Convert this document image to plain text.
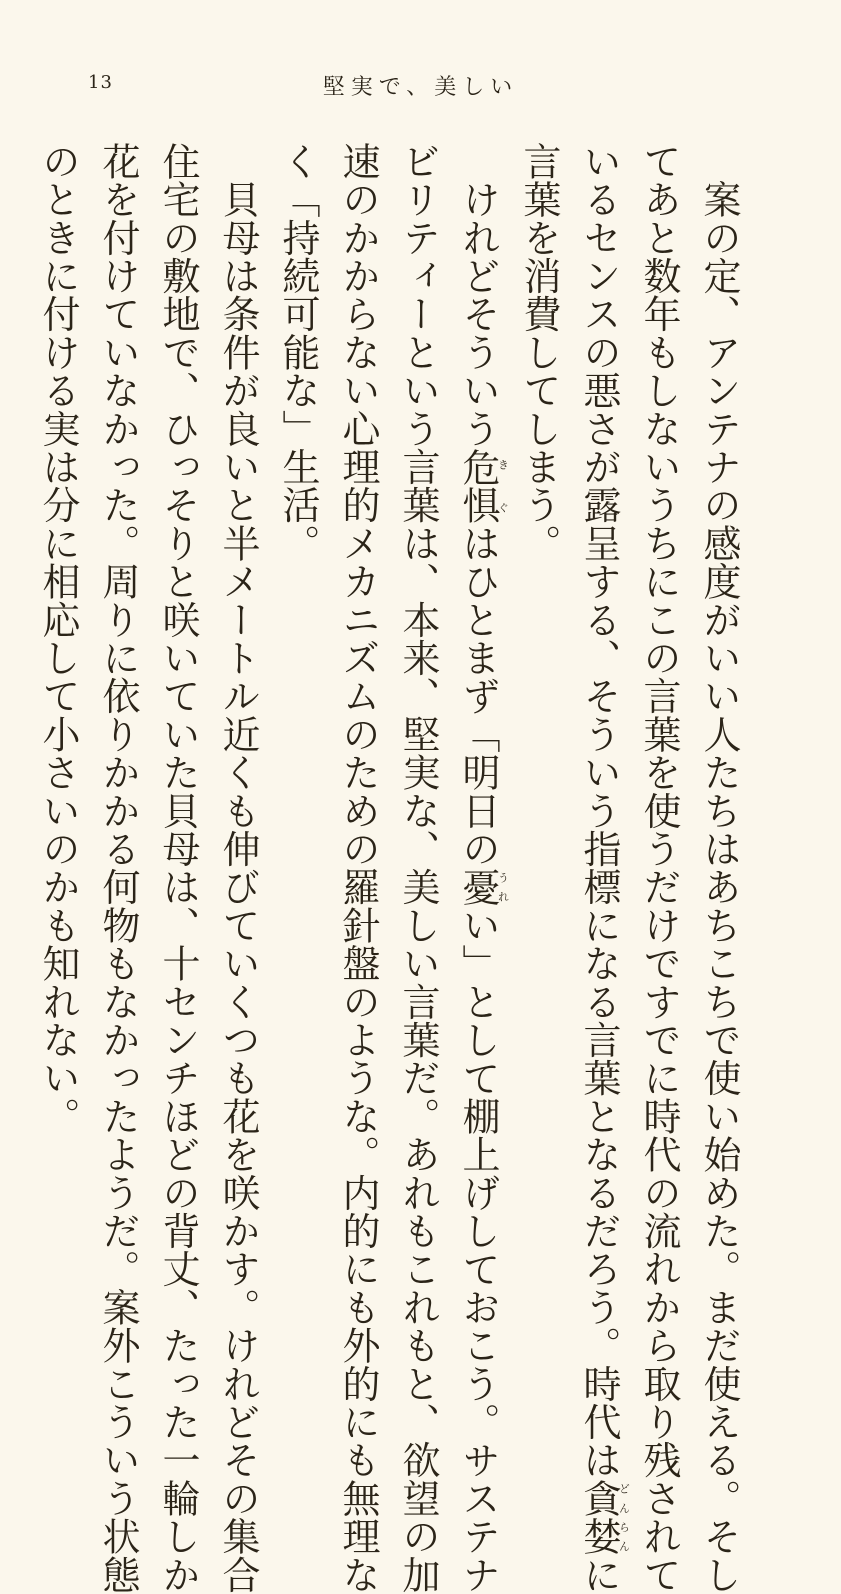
13	堅実で、美しい

　案の定、アンテナの感度がいい人たちはあちこちで使い始めた。まだ使える。そし
てあと数年もしないうちにこの言葉を使うだけですでに時代の流れから取り残されて
いるセンスの悪さが露呈する、そういう指標になる言葉となるだろう。時代は貪婪どんらんに
言葉を消費してしまう。

　けれどそういう危惧きぐはひとまず「明日の憂うれい」として棚上げしておこう。サステナ
ビリティーという言葉は、本来、堅実な、美しい言葉だ。あれもこれもと、欲望の加
速のかからない心理的メカニズムのための羅針盤のような。内的にも外的にも無理な
く「持続可能な」生活。

　貝母は条件が良いと半メートル近くも伸びていくつも花を咲かす。けれどその集合
住宅の敷地で、ひっそりと咲いていた貝母は、十センチほどの背丈、たった一輪しか
花を付けていなかった。周りに依りかかる何物もなかったようだ。案外こういう状態
のときに付ける実は分に相応して小さいのかも知れない。
